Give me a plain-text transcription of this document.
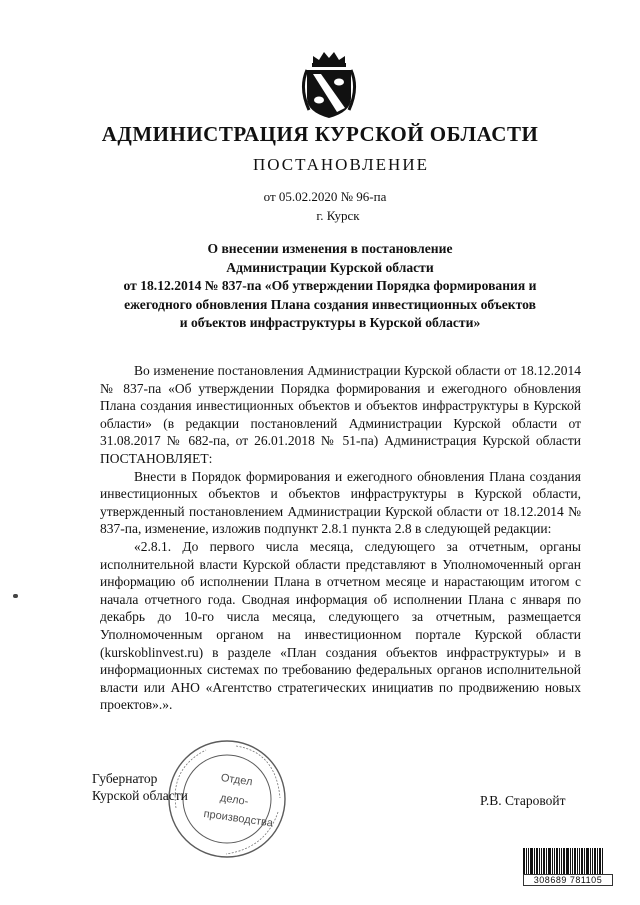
АДМИНИСТРАЦИЯ КУРСКОЙ ОБЛАСТИ
ПОСТАНОВЛЕНИЕ
от 05.02.2020 № 96-па
г. Курск
О внесении изменения в постановление
Администрации Курской области
от 18.12.2014 № 837-па «Об утверждении Порядка формирования и
ежегодного обновления Плана создания инвестиционных объектов
и объектов инфраструктуры в Курской области»

Во изменение постановления Администрации Курской области от 18.12.2014 № 837-па «Об утверждении Порядка формирования и ежегодного обновления Плана создания инвестиционных объектов и объектов инфраструктуры в Курской области» (в редакции постановлений Администрации Курской области от 31.08.2017 № 682-па, от 26.01.2018 № 51-па) Администрация Курской области ПОСТАНОВЛЯЕТ:

Внести в Порядок формирования и ежегодного обновления Плана создания инвестиционных объектов и объектов инфраструктуры в Курской области, утвержденный постановлением Администрации Курской области от 18.12.2014 № 837-па, изменение, изложив подпункт 2.8.1 пункта 2.8 в следующей редакции:

«2.8.1. До первого числа месяца, следующего за отчетным, органы исполнительной власти Курской области представляют в Уполномоченный орган информацию об исполнении Плана в отчетном месяце и нарастающим итогом с начала отчетного года. Сводная информация об исполнении Плана с января по декабрь до 10-го числа месяца, следующего за отчетным, размещается Уполномоченным органом на инвестиционном портале Курской области (kurskoblinvest.ru) в разделе «План создания объектов инфраструктуры» и в информационных системах по требованию федеральных органов исполнительной власти или АНО «Агентство стратегических инициатив по продвижению новых проектов».».

Отдел
дело-
производства
Губернатор
Курской области	Р.В. Старовойт
308689 781105
